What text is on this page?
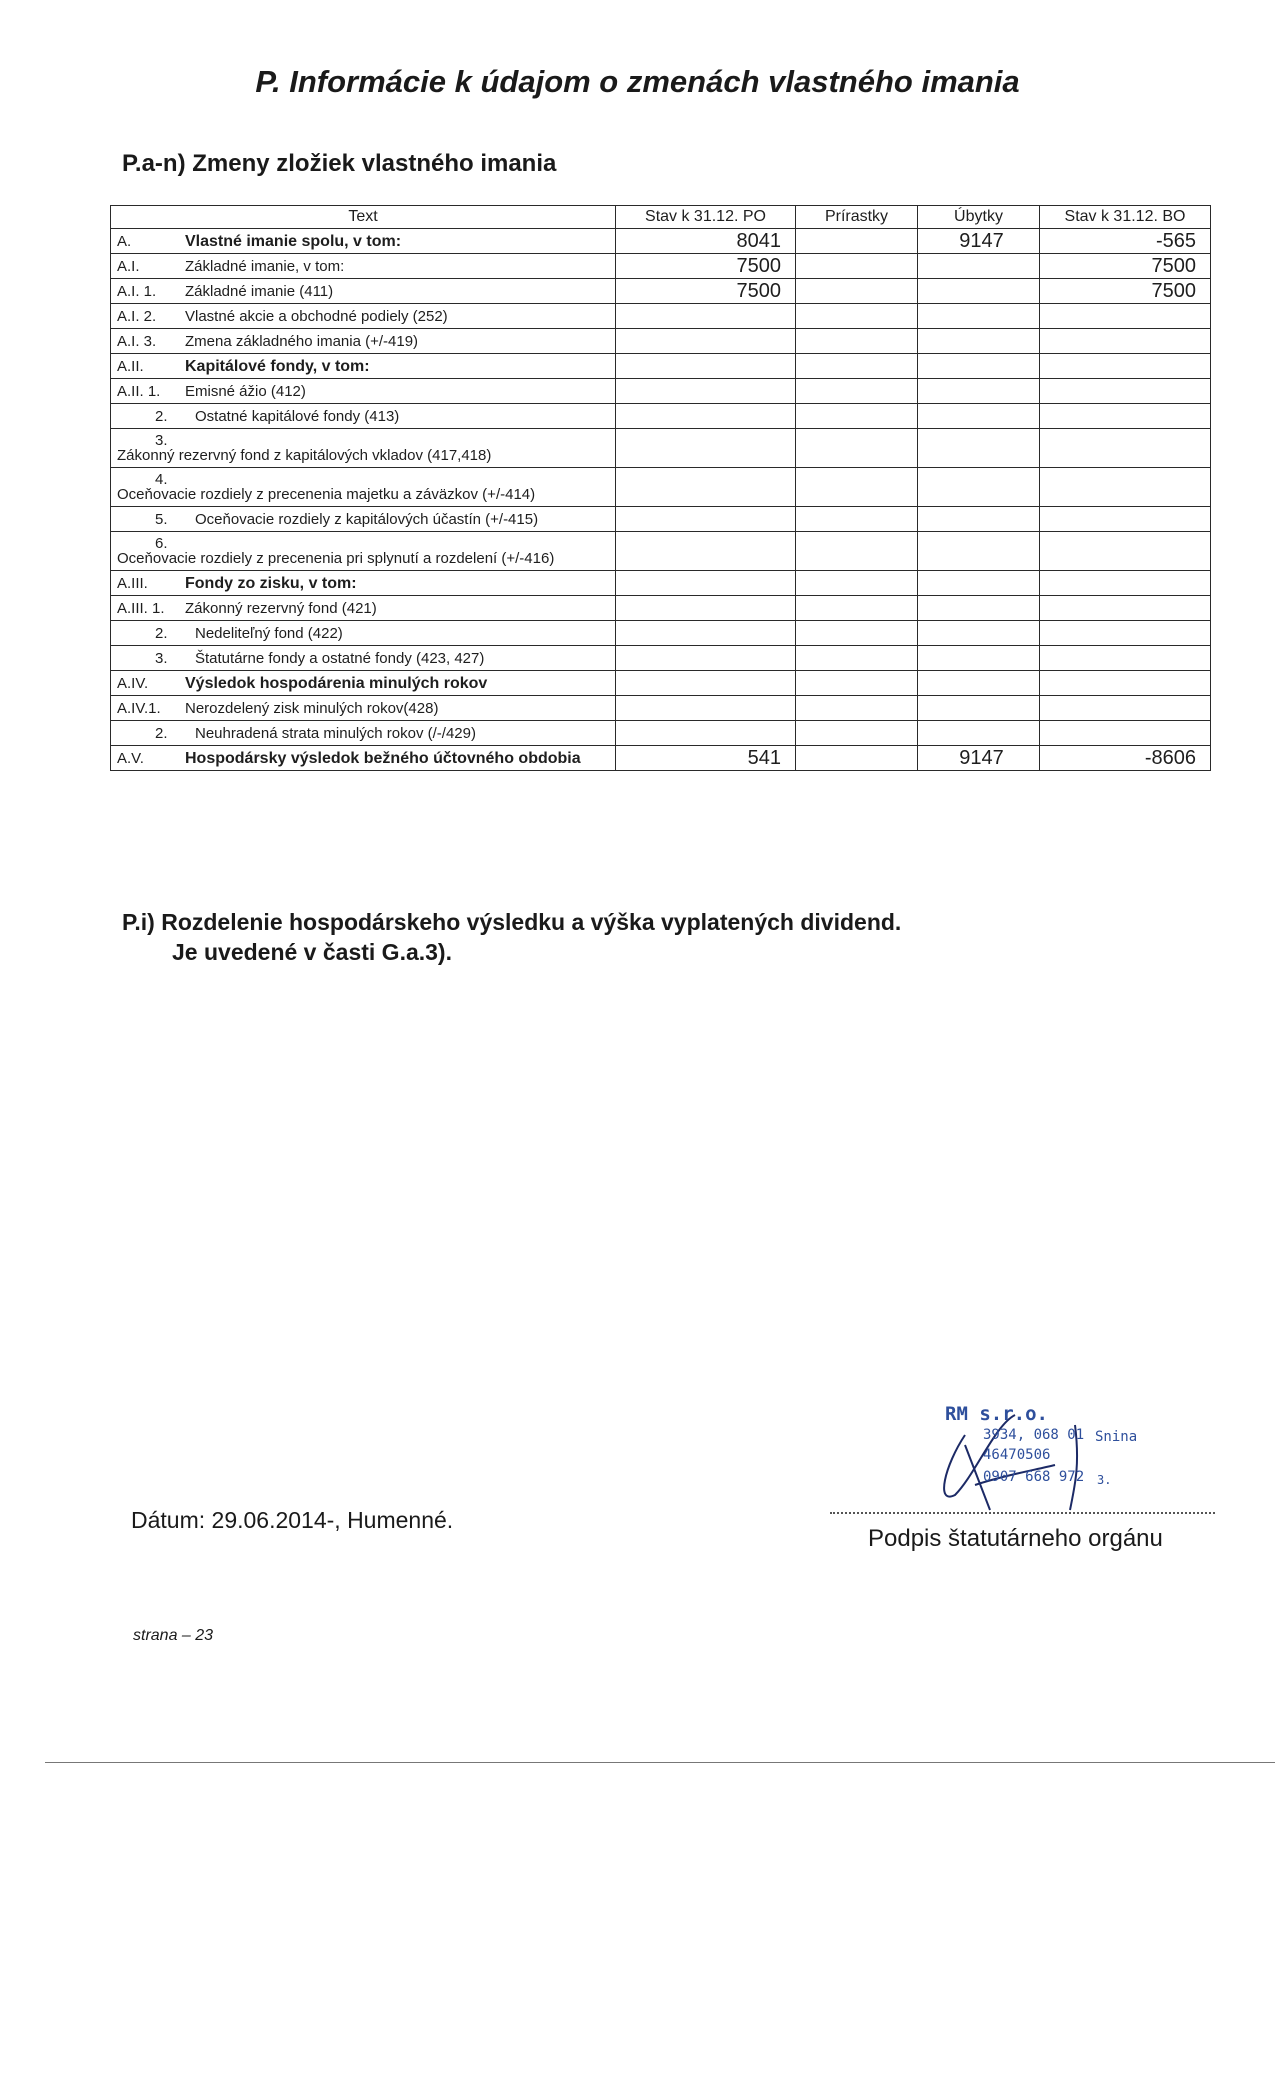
P. Informácie k údajom o zmenách vlastného imania
P.a-n) Zmeny zložiek vlastného imania
Text	Stav k 31.12. PO	Prírastky	Úbytky	Stav k 31.12. BO
A. Vlastné imanie spolu, v tom:	8041		9147	-565
A.I. Základné imanie, v tom:	7500			7500
A.I. 1. Základné imanie (411)	7500			7500
A.I. 2. Vlastné akcie a obchodné podiely (252)				
A.I. 3. Zmena základného imania (+/-419)				
A.II. Kapitálové fondy, v tom:				
A.II. 1. Emisné ážio (412)				
2. Ostatné kapitálové fondy (413)				
3.Zákonný rezervný fond z kapitálových vkladov (417,418)				
4.Oceňovacie rozdiely z precenenia majetku a záväzkov (+/-414)				
5. Oceňovacie rozdiely z kapitálových účastín (+/-415)				
6.Oceňovacie rozdiely z precenenia pri splynutí a rozdelení (+/-416)				
A.III. Fondy zo zisku, v tom:				
A.III. 1. Zákonný rezervný fond (421)				
2. Nedeliteľný fond (422)				
3. Štatutárne fondy a ostatné fondy (423, 427)				
A.IV. Výsledok hospodárenia minulých rokov				
A.IV.1. Nerozdelený zisk minulých rokov(428)				
2. Neuhradená strata minulých rokov (/-/429)				
A.V. Hospodársky výsledok bežného účtovného obdobia	541		9147	-8606
P.i) Rozdelenie hospodárskeho výsledku a výška vyplatených dividend.
Je uvedené v časti G.a.3).
RM s.r.o.
3934, 068 01
46470506
0907 668 972
Snina
3.
Dátum: 29.06.2014-, Humenné.
Podpis štatutárneho orgánu
strana – 23
